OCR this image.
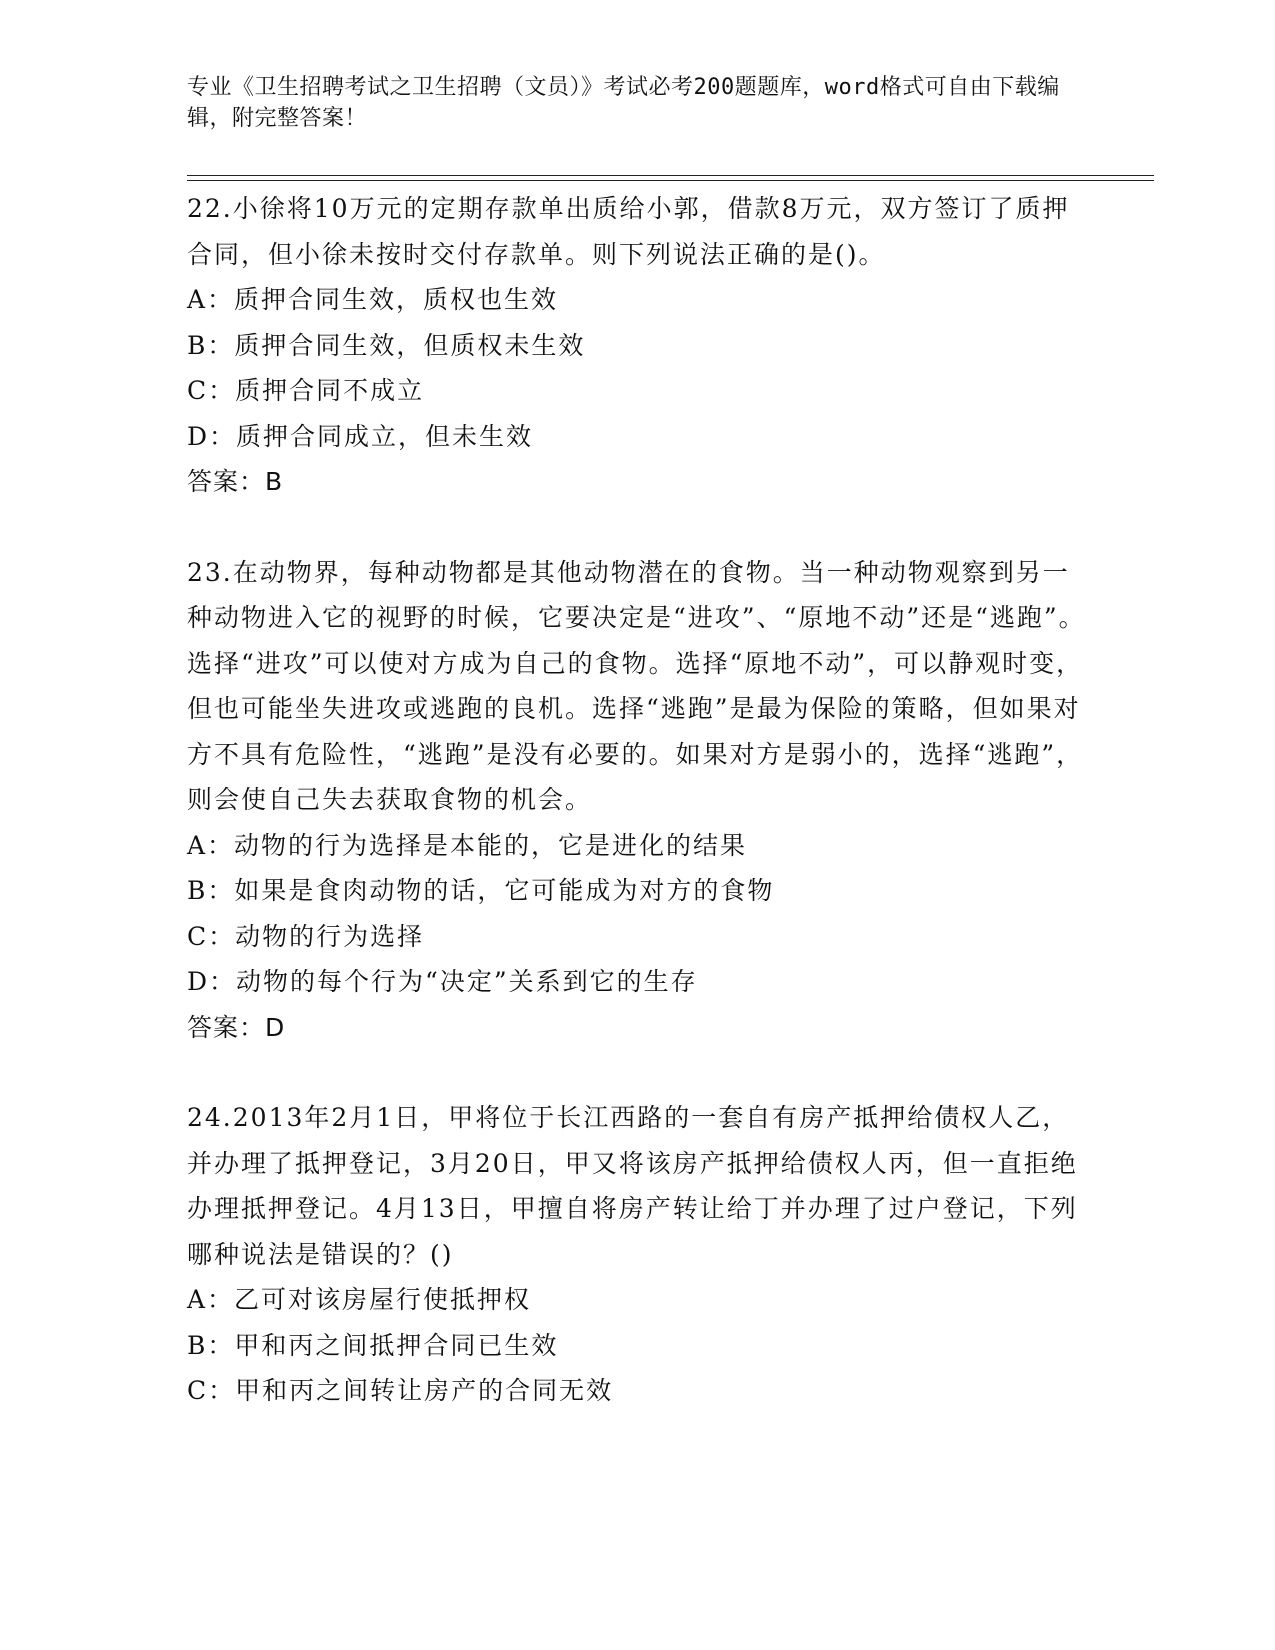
专业《卫生招聘考试之卫生招聘（文员）》考试必考200题题库，word格式可自由下载编辑，附完整答案！
22.小徐将10万元的定期存款单出质给小郭，借款8万元，双方签订了质押合同，但小徐未按时交付存款单。则下列说法正确的是()。
A：质押合同生效，质权也生效
B：质押合同生效，但质权未生效
C：质押合同不成立
D：质押合同成立，但未生效
答案：B
23.在动物界，每种动物都是其他动物潜在的食物。当一种动物观察到另一种动物进入它的视野的时候，它要决定是“进攻”、“原地不动”还是“逃跑”。选择“进攻”可以使对方成为自己的食物。选择“原地不动”，可以静观时变，但也可能坐失进攻或逃跑的良机。选择“逃跑”是最为保险的策略，但如果对方不具有危险性，“逃跑”是没有必要的。如果对方是弱小的，选择“逃跑”，则会使自己失去获取食物的机会。
A：动物的行为选择是本能的，它是进化的结果
B：如果是食肉动物的话，它可能成为对方的食物
C：动物的行为选择
D：动物的每个行为“决定”关系到它的生存
答案：D
24.2013年2月1日，甲将位于长江西路的一套自有房产抵押给债权人乙，并办理了抵押登记，3月20日，甲又将该房产抵押给债权人丙，但一直拒绝办理抵押登记。4月13日，甲擅自将房产转让给丁并办理了过户登记，下列哪种说法是错误的？()
A：乙可对该房屋行使抵押权
B：甲和丙之间抵押合同已生效
C：甲和丙之间转让房产的合同无效
